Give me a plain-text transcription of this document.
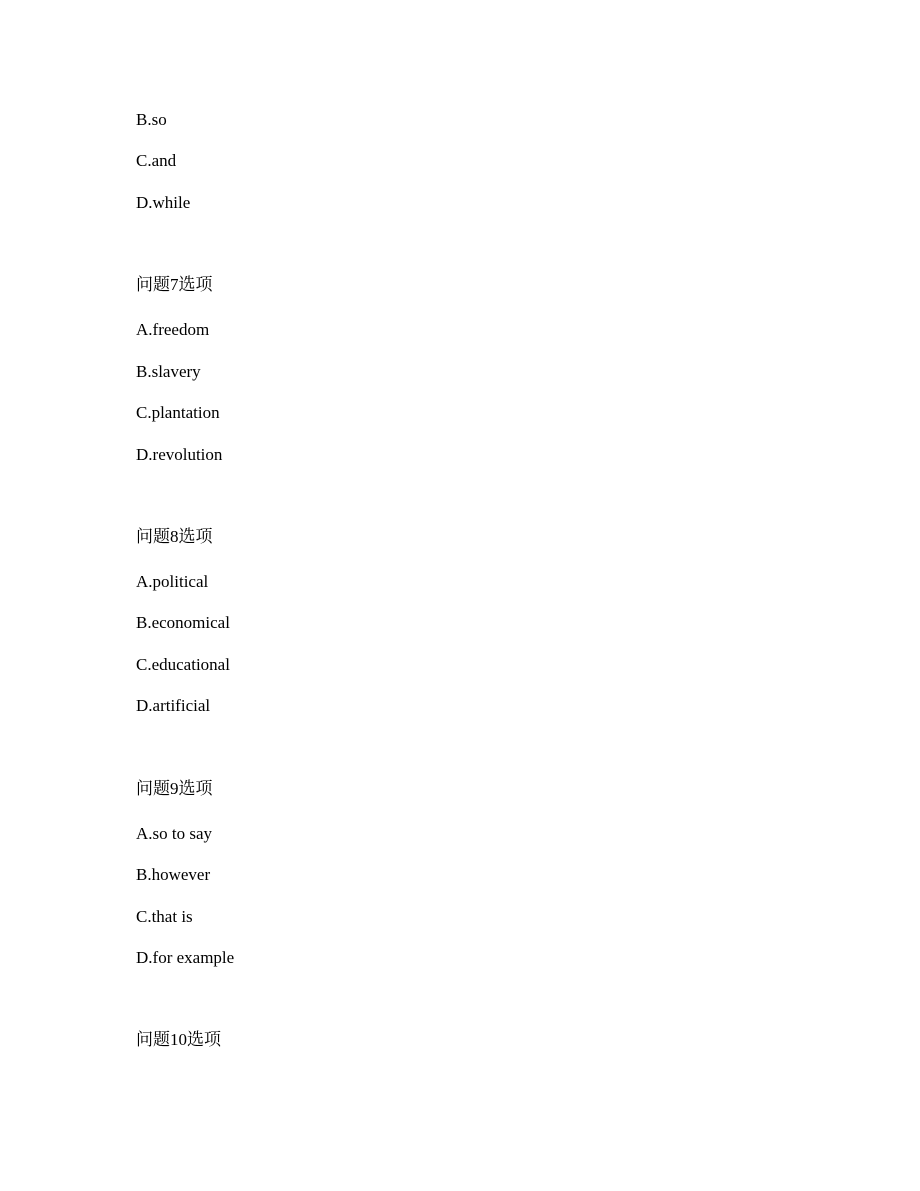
B.so
C.and
D.while
问题7选项
A.freedom
B.slavery
C.plantation
D.revolution
问题8选项
A.political
B.economical
C.educational
D.artificial
问题9选项
A.so to say
B.however
C.that is
D.for example
问题10选项
